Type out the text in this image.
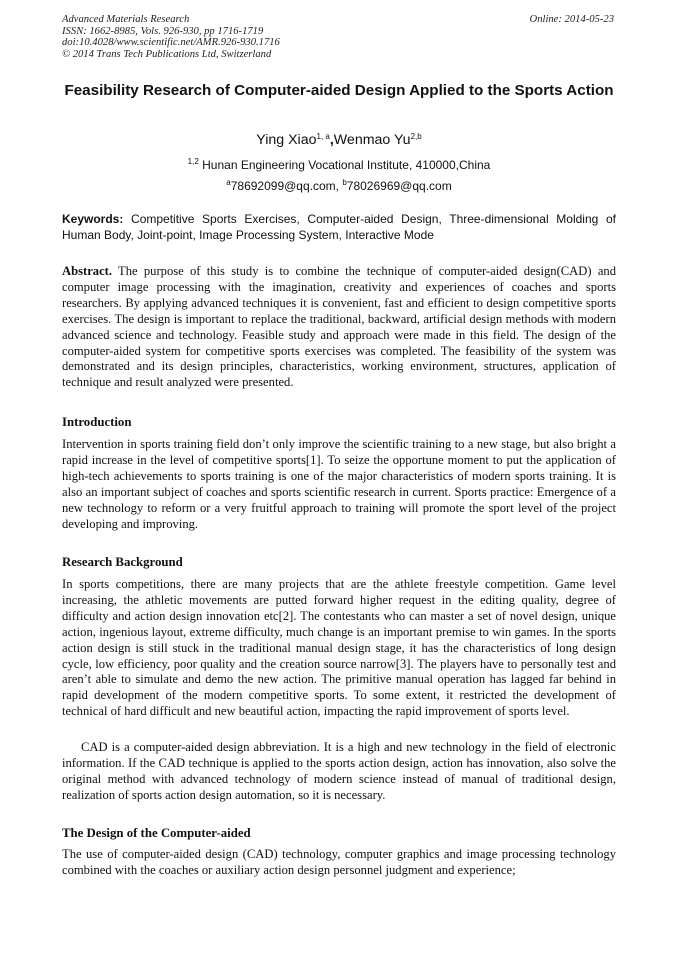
Advanced Materials Research
ISSN: 1662-8985, Vols. 926-930, pp 1716-1719
doi:10.4028/www.scientific.net/AMR.926-930.1716
© 2014 Trans Tech Publications Ltd, Switzerland
Online: 2014-05-23
Feasibility Research of Computer-aided Design Applied to the Sports Action
Ying Xiao$^{1, a}$,Wenmao Yu$^{2,b}$
$^{1,2}$ Hunan Engineering Vocational Institute, 410000,China
$^a$78692099@qq.com, $^b$78026969@qq.com
Keywords: Competitive Sports Exercises, Computer-aided Design, Three-dimensional Molding of Human Body, Joint-point, Image Processing System, Interactive Mode

Abstract. The purpose of this study is to combine the technique of computer-aided design(CAD) and computer image processing with the imagination, creativity and experiences of coaches and sports researchers. By applying advanced techniques it is convenient, fast and efficient to design competitive sports exercises. The design is important to replace the traditional, backward, artificial design methods with modern advanced science and technology. Feasible study and approach were made in this field. The design of the computer-aided system for competitive sports exercises was completed. The feasibility of the system was demonstrated and its design principles, characteristics, working environment, structures, application of technique and result analyzed were presented.

Introduction

Intervention in sports training field don’t only improve the scientific training to a new stage, but also bright a rapid increase in the level of competitive sports[1]. To seize the opportune moment to put the application of high-tech achievements to sports training is one of the major characteristics of modern sports training. It is also an important subject of coaches and sports scientific research in current. Sports practice: Emergence of a new technology to reform or a very fruitful approach to training will promote the sport level of the project developing and improving.

Research Background

In sports competitions, there are many projects that are the athlete freestyle competition. Game level increasing, the athletic movements are putted forward higher request in the editing quality, degree of difficulty and action design innovation etc[2]. The contestants who can master a set of novel design, unique action, ingenious layout, extreme difficulty, much change is an important premise to win games. In the sports action design is still stuck in the traditional manual design stage, it has the characteristics of long design cycle, low efficiency, poor quality and the creation source narrow[3]. The players have to personally test and aren’t able to simulate and demo the new action. The primitive manual operation has lagged far behind in rapid development of the modern competitive sports. To some extent, it restricted the development of technical of hard difficult and new beautiful action, impacting the rapid improvement of sports level.

CAD is a computer-aided design abbreviation. It is a high and new technology in the field of electronic information. If the CAD technique is applied to the sports action design, action has innovation, also solve the original method with advanced technology of modern science instead of manual of traditional design, realization of sports action design automation, so it is necessary.

The Design of the Computer-aided

The use of computer-aided design (CAD) technology, computer graphics and image processing technology combined with the coaches or auxiliary action design personnel judgment and experience;
